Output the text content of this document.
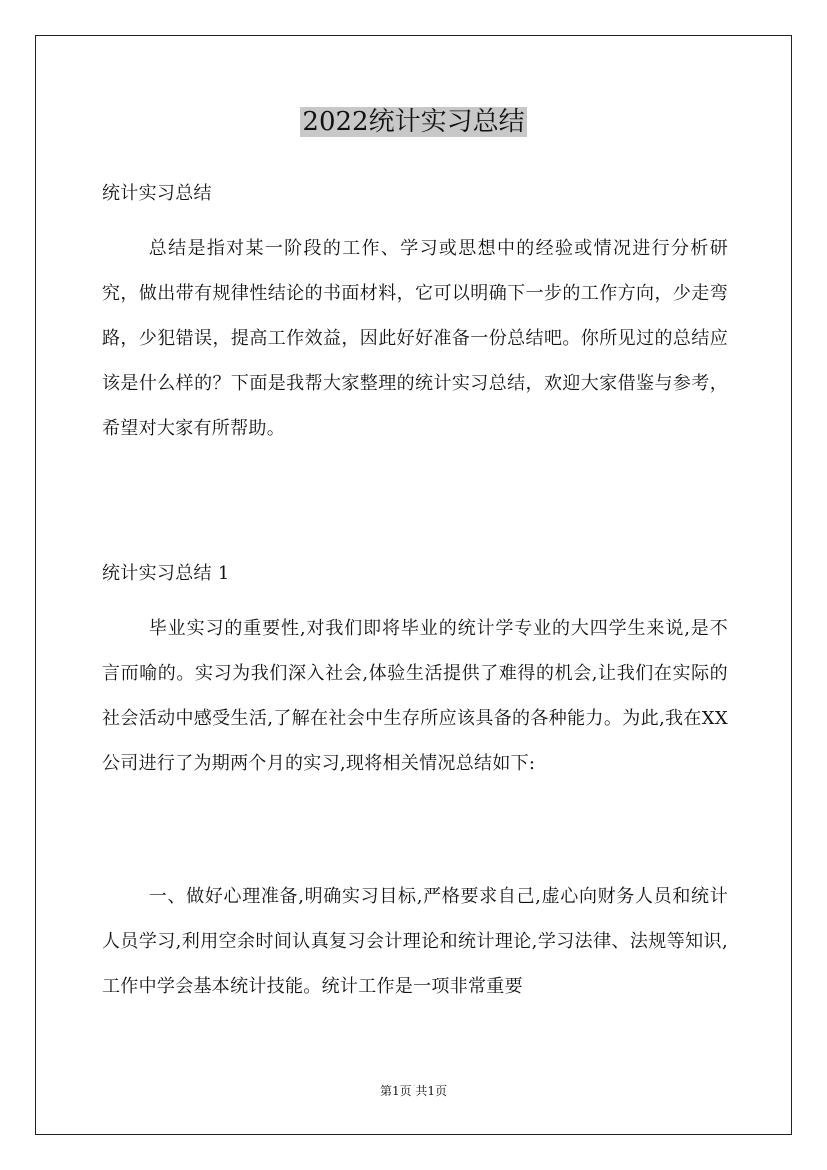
2022统计实习总结

统计实习总结

总结是指对某一阶段的工作、学习或思想中的经验或情况进行分析研究，做出带有规律性结论的书面材料，它可以明确下一步的工作方向，少走弯路，少犯错误，提高工作效益，因此好好准备一份总结吧。你所见过的总结应该是什么样的？下面是我帮大家整理的统计实习总结，欢迎大家借鉴与参考，希望对大家有所帮助。

统计实习总结 1

毕业实习的重要性,对我们即将毕业的统计学专业的大四学生来说,是不言而喻的。实习为我们深入社会,体验生活提供了难得的机会,让我们在实际的社会活动中感受生活,了解在社会中生存所应该具备的各种能力。为此,我在XX公司进行了为期两个月的实习,现将相关情况总结如下:

一、做好心理准备,明确实习目标,严格要求自己,虚心向财务人员和统计人员学习,利用空余时间认真复习会计理论和统计理论,学习法律、法规等知识,工作中学会基本统计技能。统计工作是一项非常重要

第1页 共1页
